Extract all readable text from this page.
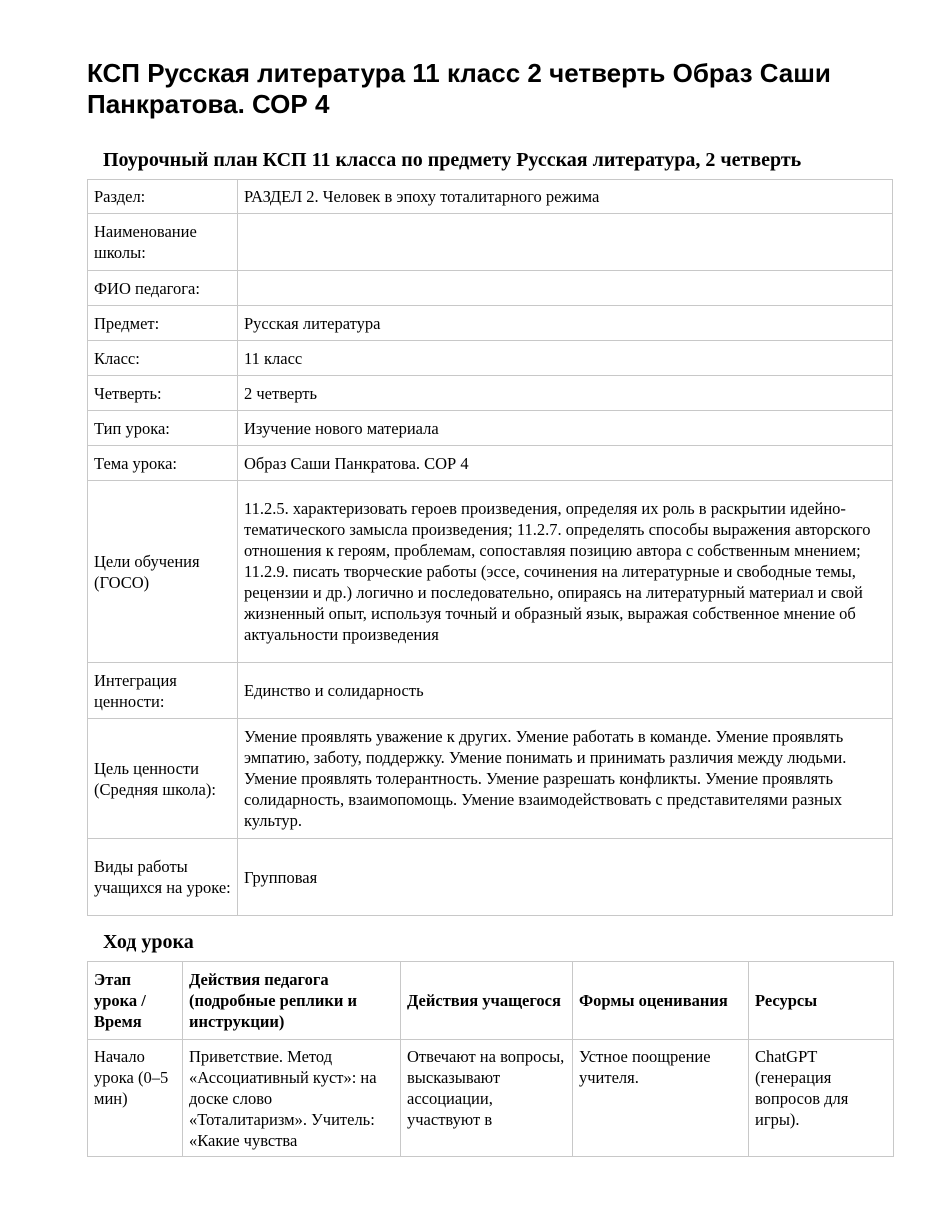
КСП Русская литература 11 класс 2 четверть Образ Саши Панкратова. СОР 4
Поурочный план КСП 11 класса по предмету Русская литература, 2 четверть
Раздел:	РАЗДЕЛ 2. Человек в эпоху тоталитарного режима
Наименование школы:	
ФИО педагога:	
Предмет:	Русская литература
Класс:	11 класс
Четверть:	2 четверть
Тип урока:	Изучение нового материала
Тема урока:	Образ Саши Панкратова. СОР 4
Цели обучения (ГОСО)	11.2.5. характеризовать героев произведения, определяя их роль в раскрытии идейно-тематического замысла произведения; 11.2.7. определять способы выражения авторского отношения к героям, проблемам, сопоставляя позицию автора с собственным мнением; 11.2.9. писать творческие работы (эссе, сочинения на литературные и свободные темы, рецензии и др.) логично и последовательно, опираясь на литературный материал и свой жизненный опыт, используя точный и образный язык, выражая собственное мнение об актуальности произведения
Интеграция ценности:	Единство и солидарность
Цель ценности (Средняя школа):	Умение проявлять уважение к других. Умение работать в команде. Умение проявлять эмпатию, заботу, поддержку. Умение понимать и принимать различия между людьми. Умение проявлять толерантность. Умение разрешать конфликты. Умение проявлять солидарность, взаимопомощь. Умение взаимодействовать с представителями разных культур.
Виды работы учащихся на уроке:	Групповая
Ход урока
Этап урока / Время	Действия педагога (подробные реплики и инструкции)	Действия учащегося	Формы оценивания	Ресурсы

Начало урока (0–5 мин)	Приветствие. Метод «Ассоциативный куст»: на доске слово «Тоталитаризм». Учитель: «Какие чувства	Отвечают на вопросы, высказывают ассоциации, участвуют в	Устное поощрение учителя.	ChatGPT (генерация вопросов для игры).
